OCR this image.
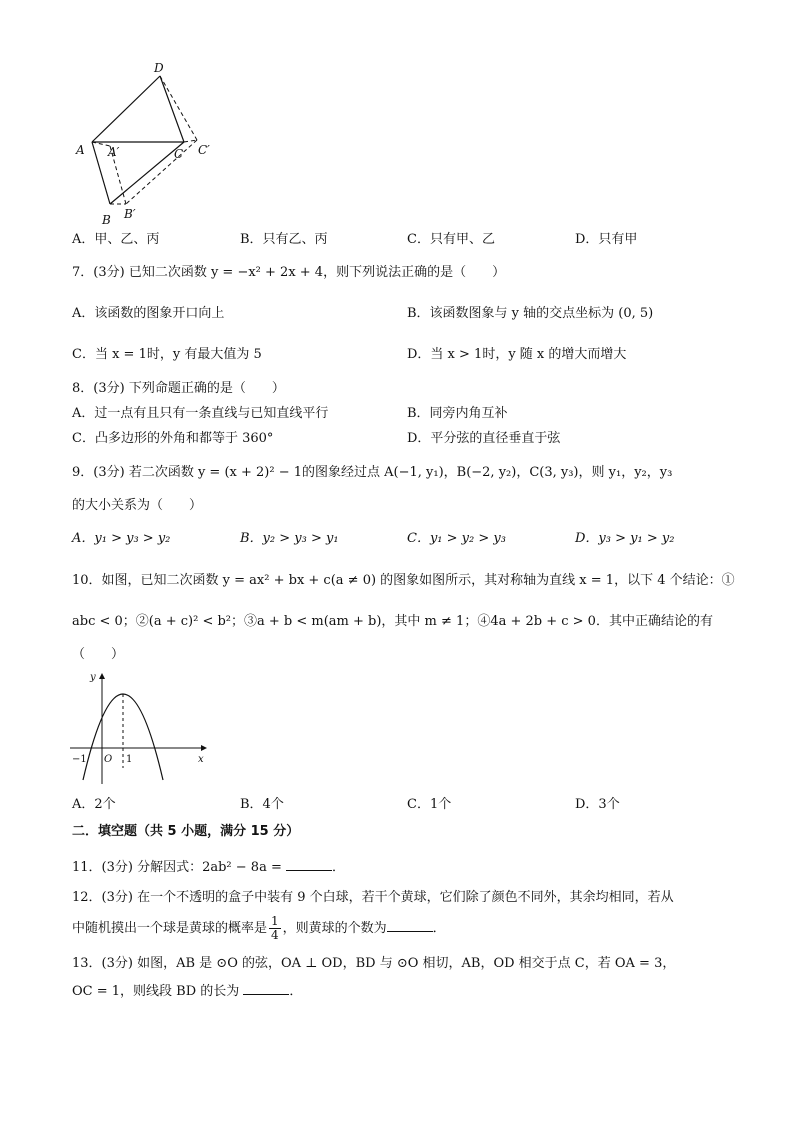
D
A A′	C C′
B B′
A．甲、乙、丙	B．只有乙、丙	C．只有甲、乙	D．只有甲
7．(3分) 已知二次函数 y = −x² + 2x + 4，则下列说法正确的是（　　）
A．该函数的图象开口向上	B．该函数图象与 y 轴的交点坐标为 (0, 5)
C．当 x = 1时，y 有最大值为 5	D．当 x > 1时，y 随 x 的增大而增大
8．(3分) 下列命题正确的是（　　）
A．过一点有且只有一条直线与已知直线平行	B．同旁内角互补
C．凸多边形的外角和都等于 360°	D．平分弦的直径垂直于弦
9．(3分) 若二次函数 y = (x + 2)² − 1的图象经过点 A(−1, y₁)，B(−2, y₂)，C(3, y₃)，则 y₁，y₂，y₃
的大小关系为（　　）
A．y₁ > y₃ > y₂	B．y₂ > y₃ > y₁	C．y₁ > y₂ > y₃	D．y₃ > y₁ > y₂
10．如图，已知二次函数 y = ax² + bx + c(a ≠ 0) 的图象如图所示，其对称轴为直线 x = 1，以下 4 个结论：①
abc < 0；②(a + c)² < b²；③a + b < m(am + b)，其中 m ≠ 1；④4a + 2b + c > 0．其中正确结论的有
（　　）
y
x
O
−1	1
A．2个	B．4个	C．1个	D．3个
二．填空题（共 5 小题，满分 15 分）
11．(3分) 分解因式：2ab² − 8a =	．
12．(3分) 在一个不透明的盒子中装有 9 个白球，若干个黄球，它们除了颜色不同外，其余均相同，若从
中随机摸出一个球是黄球的概率是 $\frac{1}{4}$ ，则黄球的个数为	．
13．(3分) 如图，AB 是 ⊙O 的弦，OA ⊥ OD，BD 与 ⊙O 相切，AB，OD 相交于点 C，若 OA = 3，
OC = 1，则线段 BD 的长为	．
